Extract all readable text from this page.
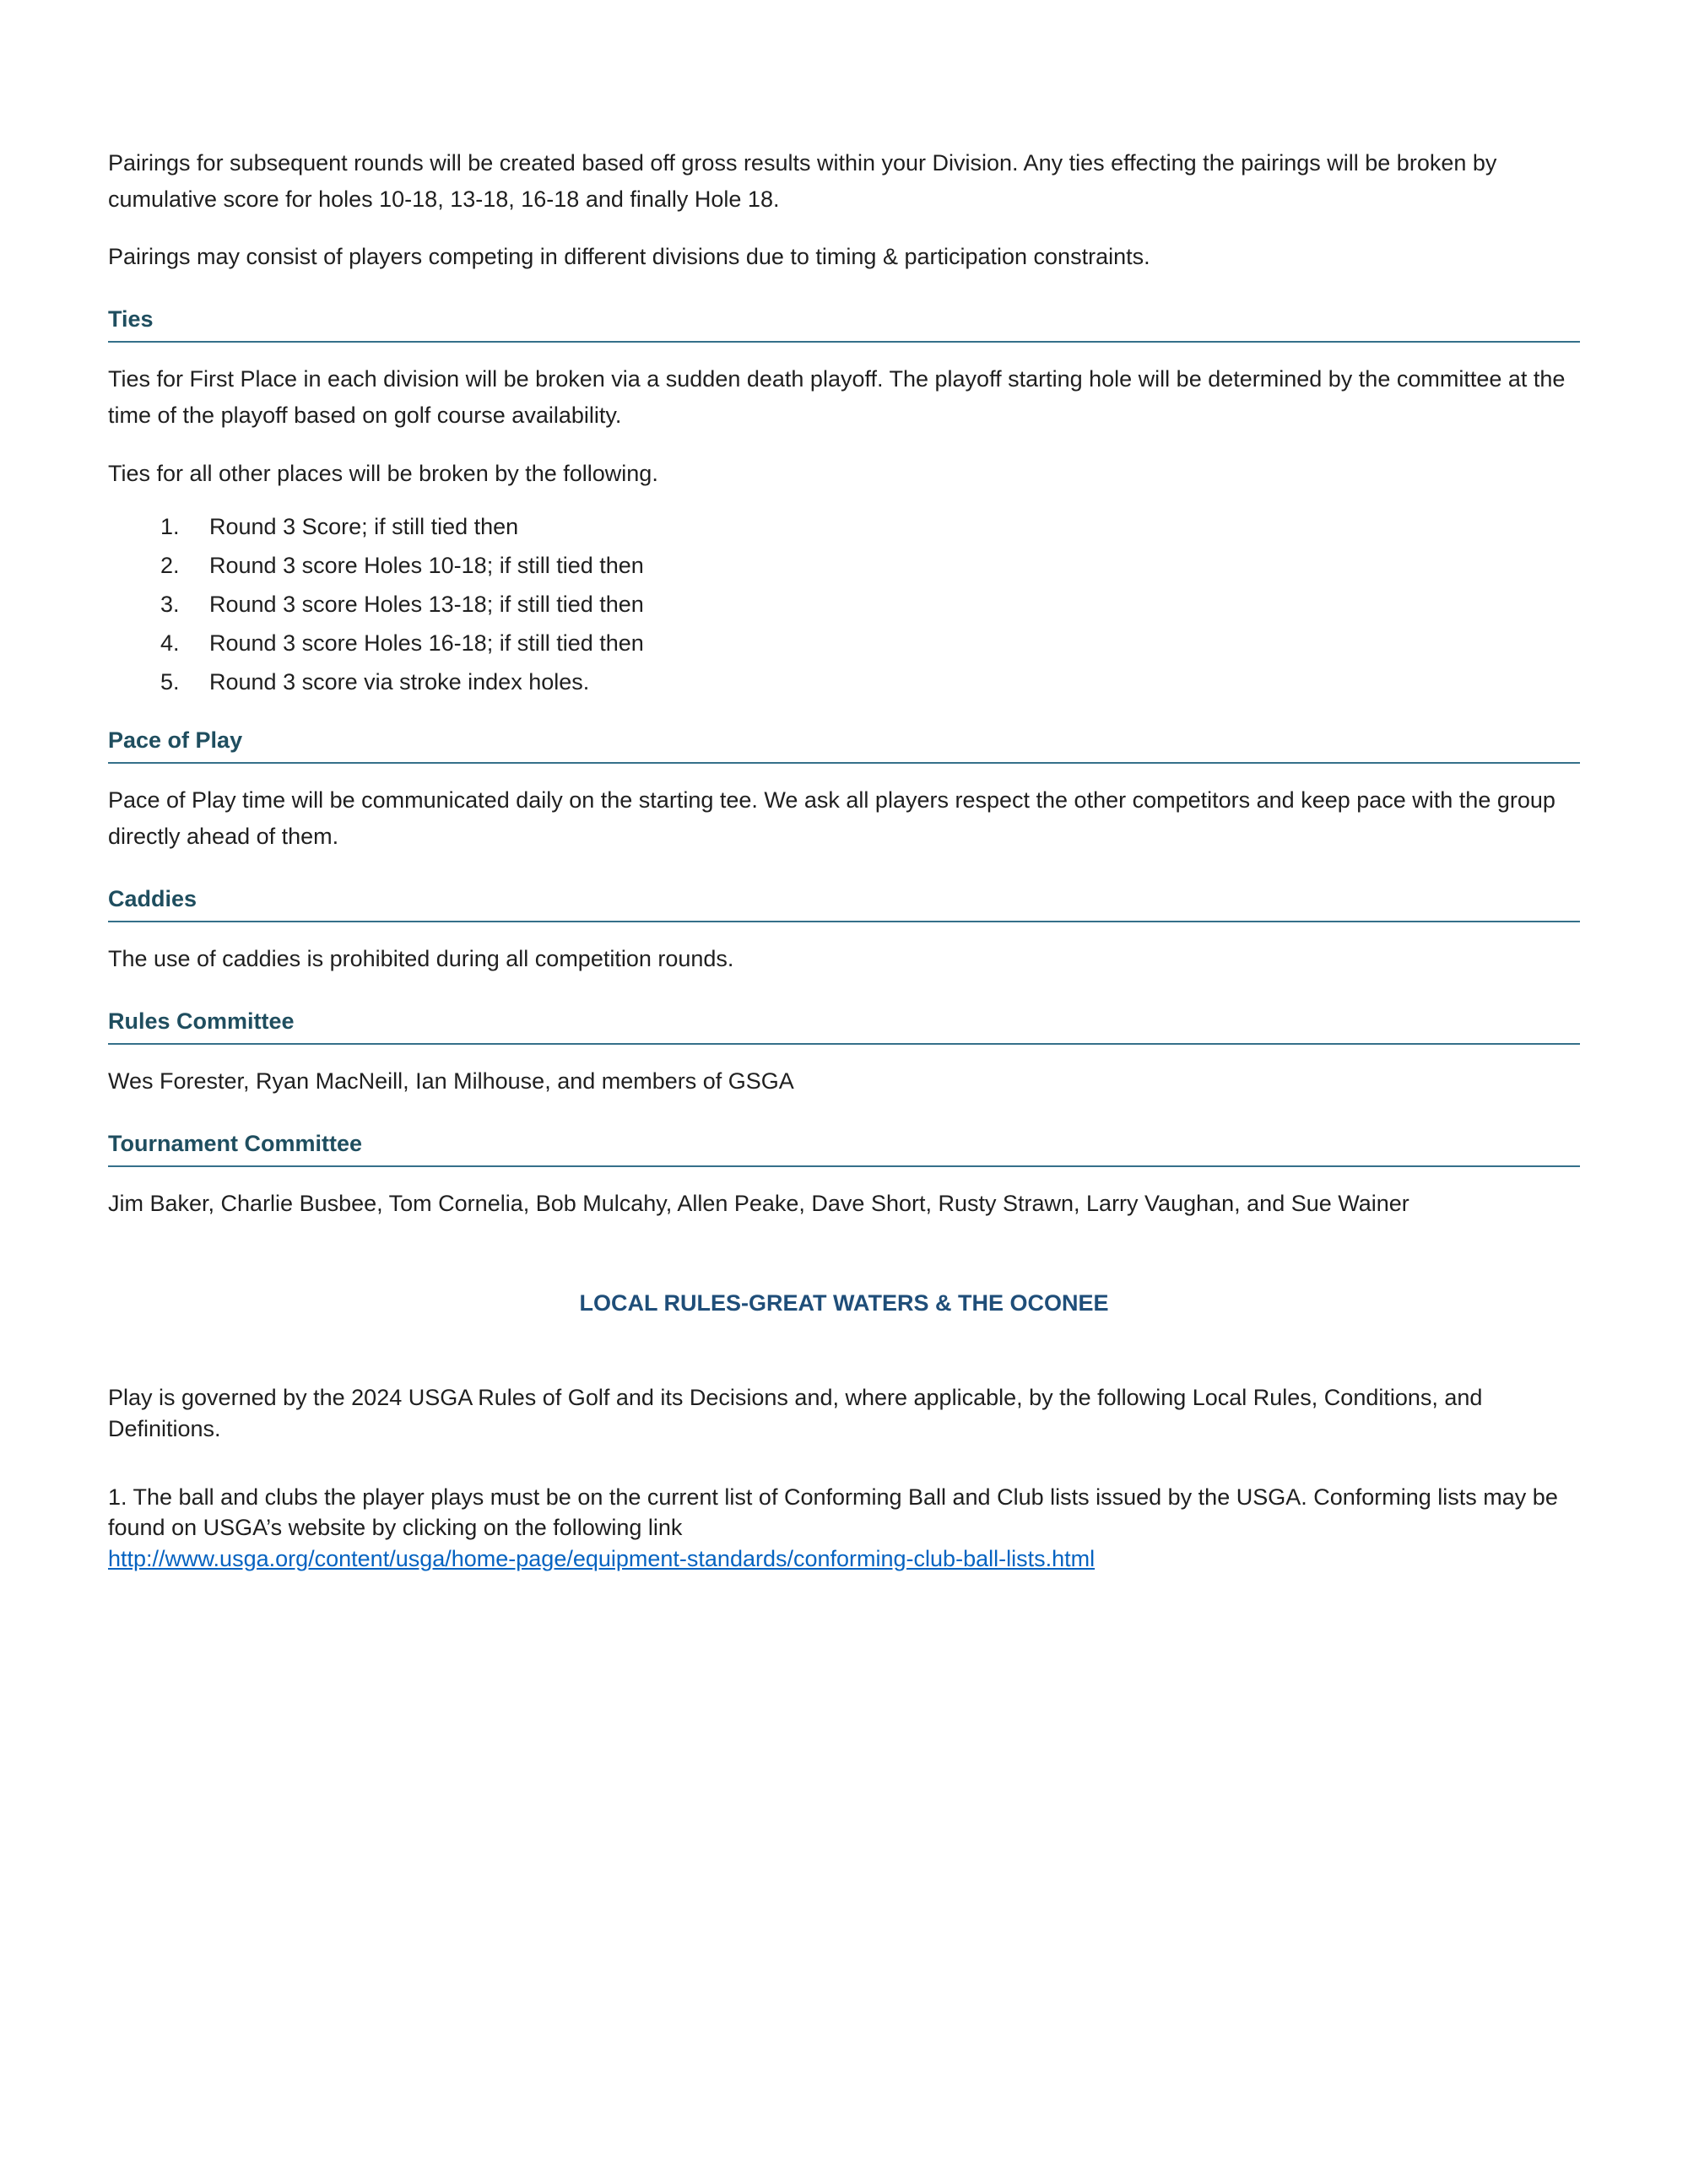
Pairings for subsequent rounds will be created based off gross results within your Division. Any ties effecting the pairings will be broken by cumulative score for holes 10-18, 13-18, 16-18 and finally Hole 18.

Pairings may consist of players competing in different divisions due to timing & participation constraints.

Ties

Ties for First Place in each division will be broken via a sudden death playoff. The playoff starting hole will be determined by the committee at the time of the playoff based on golf course availability.

Ties for all other places will be broken by the following.

1.	Round 3 Score; if still tied then
2.	Round 3 score Holes 10-18; if still tied then
3.	Round 3 score Holes 13-18; if still tied then
4.	Round 3 score Holes 16-18; if still tied then
5.	Round 3 score via stroke index holes.
Pace of Play

Pace of Play time will be communicated daily on the starting tee. We ask all players respect the other competitors and keep pace with the group directly ahead of them.

Caddies

The use of caddies is prohibited during all competition rounds.

Rules Committee

Wes Forester, Ryan MacNeill, Ian Milhouse, and members of GSGA

Tournament Committee

Jim Baker, Charlie Busbee, Tom Cornelia, Bob Mulcahy, Allen Peake, Dave Short, Rusty Strawn, Larry Vaughan, and Sue Wainer

LOCAL RULES-GREAT WATERS & THE OCONEE

Play is governed by the 2024 USGA Rules of Golf and its Decisions and, where applicable, by the following Local Rules, Conditions, and Definitions.

1. The ball and clubs the player plays must be on the current list of Conforming Ball and Club lists issued by the USGA. Conforming lists may be found on USGA’s website by clicking on the following link
http://www.usga.org/content/usga/home-page/equipment-standards/conforming-club-ball-lists.html
